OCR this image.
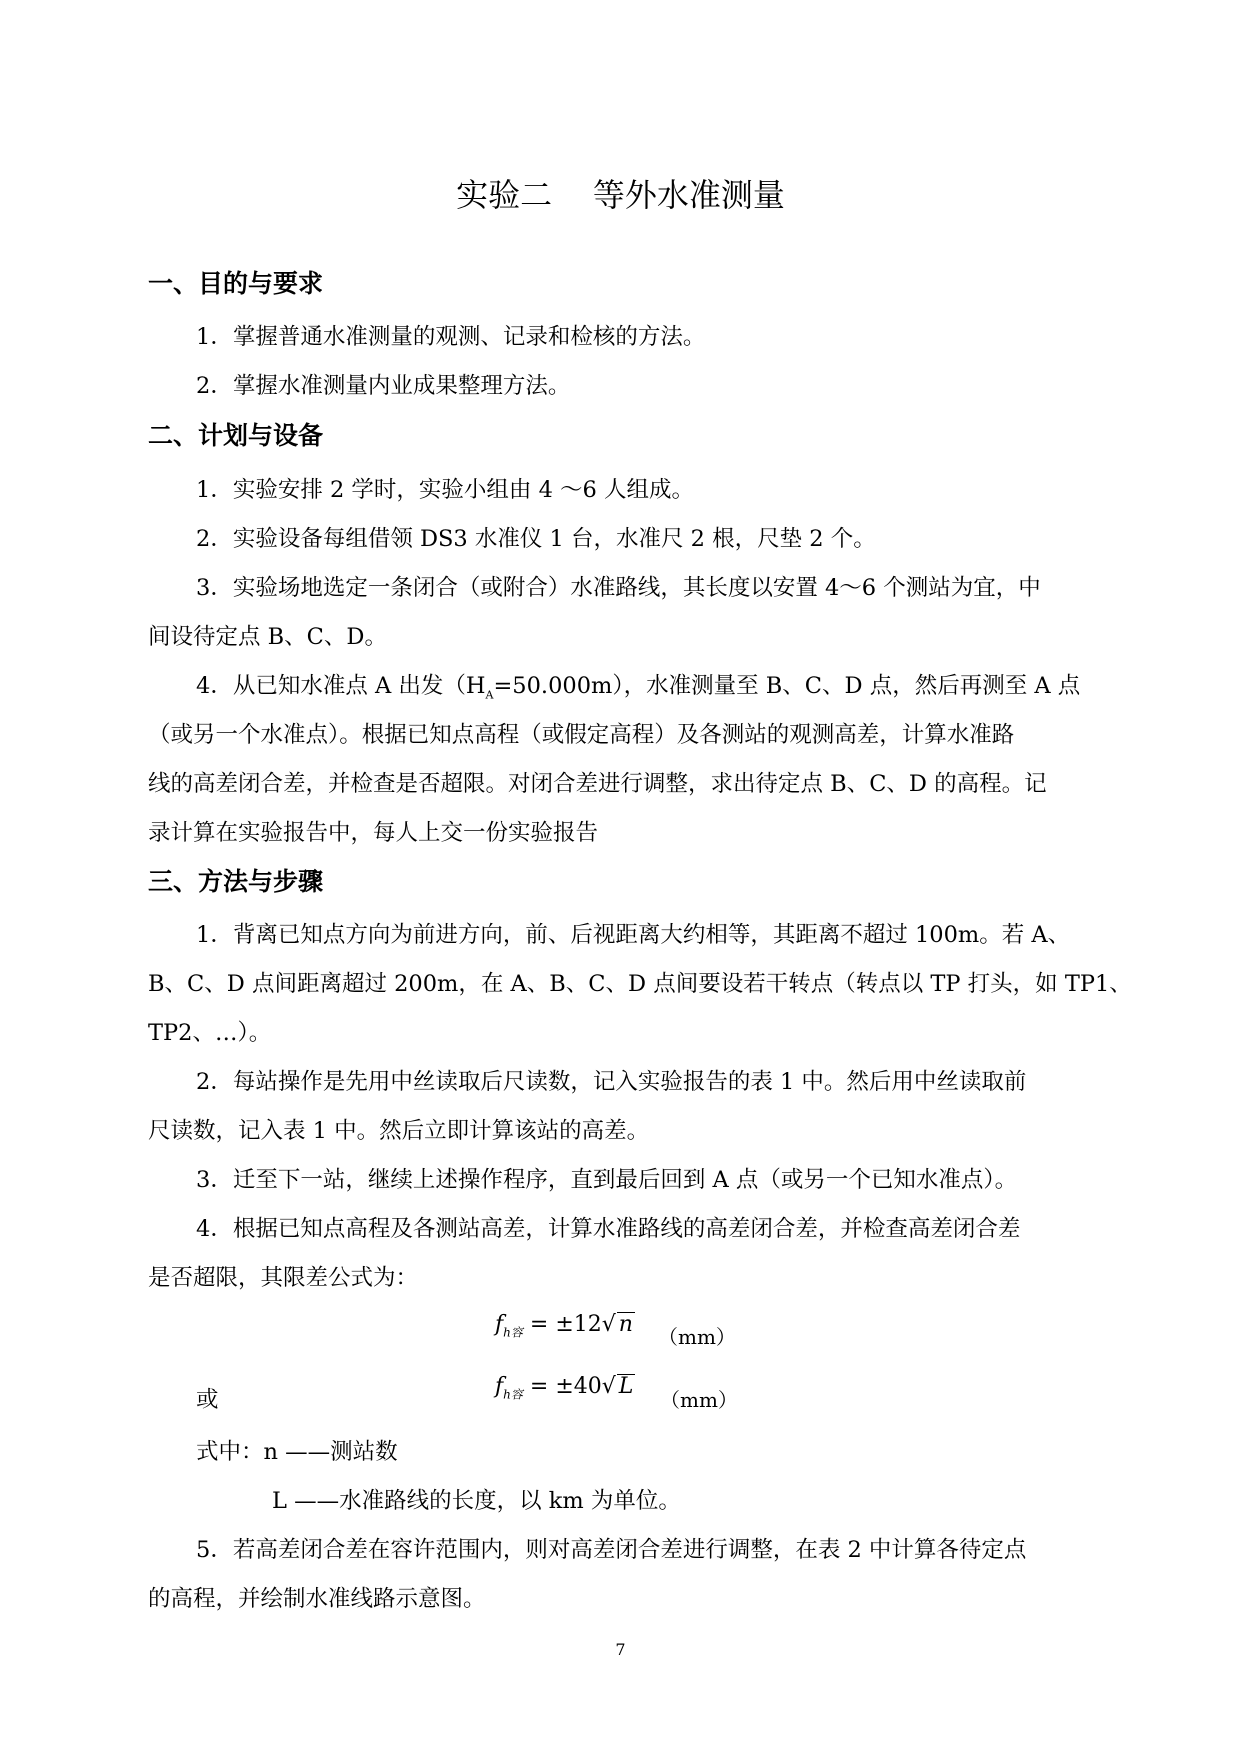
实验二    等外水准测量
一、目的与要求
1．掌握普通水准测量的观测、记录和检核的方法。
2．掌握水准测量内业成果整理方法。
二、计划与设备
1．实验安排 2 学时，实验小组由 4 ～6 人组成。
2．实验设备每组借领 DS3 水准仪 1 台，水准尺 2 根，尺垫 2 个。
3．实验场地选定一条闭合（或附合）水准路线，其长度以安置 4～6 个测站为宜，中
间设待定点 B、C、D。
4．从已知水准点 A 出发$(H_A=50.000m)$，水准测量至 B、C、D 点，然后再测至 A 点
（或另一个水准点）。根据已知点高程（或假定高程）及各测站的观测高差，计算水准路
线的高差闭合差，并检查是否超限。对闭合差进行调整，求出待定点 B、C、D 的高程。记
录计算在实验报告中，每人上交一份实验报告
三、方法与步骤
1．背离已知点方向为前进方向，前、后视距离大约相等，其距离不超过 100m。若 A、
B、C、D 点间距离超过 200m，在 A、B、C、D 点间要设若干转点（转点以 TP 打头，如 TP1、
TP2、…）。
2．每站操作是先用中丝读取后尺读数，记入实验报告的表 1 中。然后用中丝读取前
尺读数，记入表 1 中。然后立即计算该站的高差。
3．迁至下一站，继续上述操作程序，直到最后回到 A 点（或另一个已知水准点）。
4．根据已知点高程及各测站高差，计算水准路线的高差闭合差，并检查高差闭合差
是否超限，其限差公式为：
$f_{h容} = \pm 12√$ n （mm）
或
$f_{h容} = \pm 40√$ L
（mm）
式中：n ——测站数
L ——水准路线的长度，以 km 为单位。
5．若高差闭合差在容许范围内，则对高差闭合差进行调整，在表 2 中计算各待定点
的高程，并绘制水准线路示意图。
7
